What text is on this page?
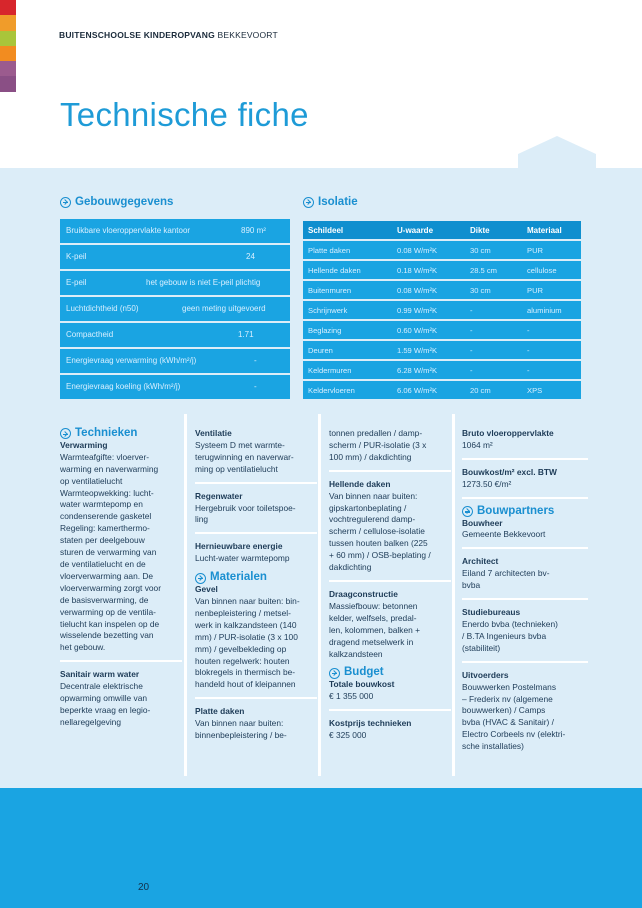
BUITENSCHOOLSE KINDEROPVANG BEKKEVOORT
Technische fiche
Gebouwgegevens
Bruikbare vloeroppervlakte kantoor	890 m²
K-peil	24
E-peil	het gebouw is niet E-peil plichtig
Luchtdichtheid (n50)	geen meting uitgevoerd
Compactheid	1.71
Energievraag verwarming (kWh/m²/j)	-
Energievraag koeling (kWh/m²/j)	-
Isolatie
Schildeel	U-waarde	Dikte	Materiaal
Platte daken	0.08 W/m²K	30 cm	PUR
Hellende daken	0.18 W/m²K	28.5 cm	cellulose
Buitenmuren	0.08 W/m²K	30 cm	PUR
Schrijnwerk	0.99 W/m²K	-	aluminium
Beglazing	0.60 W/m²K	-	-
Deuren	1.59 W/m²K	-	-
Keldermuren	6.28 W/m²K	-	-
Keldervloeren	6.06 W/m²K	20 cm	XPS
Technieken
Verwarming
Warmteafgifte: vloerver-
warming en naverwarming
op ventilatielucht
Warmteopwekking: lucht-
water warmtepomp en
condenserende gasketel
Regeling: kamerthermo-
staten per deelgebouw
sturen de verwarming van
de ventilatielucht en de
vloerverwarming aan. De
vloerverwarming zorgt voor
de basisverwarming, de
verwarming op de ventila-
tielucht kan inspelen op de
wisselende bezetting van
het gebouw.
Sanitair warm water
Decentrale elektrische
opwarming omwille van
beperkte vraag en legio-
nellaregelgeving
Ventilatie
Systeem D met warmte-
terugwinning en naverwar-
ming op ventilatielucht
Regenwater
Hergebruik voor toiletspoe-
ling
Hernieuwbare energie
Lucht-water warmtepomp
Materialen
Gevel
Van binnen naar buiten: bin-
nenbepleistering / metsel-
werk in kalkzandsteen (140
mm) / PUR-isolatie (3 x 100
mm) / gevelbekleding op
houten regelwerk: houten
blokregels in thermisch be-
handeld hout of kleipannen
Platte daken
Van binnen naar buiten:
binnenbepleistering / be-
tonnen predallen / damp-
scherm / PUR-isolatie (3 x
100 mm) / dakdichting
Hellende daken
Van binnen naar buiten:
gipskartonbeplating /
vochtregulerend damp-
scherm / cellulose-isolatie
tussen houten balken (225
+ 60 mm) / OSB-beplating /
dakdichting
Draagconstructie
Massiefbouw: betonnen
kelder, welfsels, predal-
len, kolommen, balken +
dragend metselwerk in
kalkzandsteen
Budget
Totale bouwkost
€ 1 355 000
Kostprijs technieken
€ 325 000
Bruto vloeroppervlakte
1064 m²
Bouwkost/m² excl. BTW
1273.50 €/m²
Bouwpartners
Bouwheer
Gemeente Bekkevoort
Architect
Eiland 7 architecten bv-
bvba
Studiebureaus
Enerdo bvba (technieken)
/ B.TA Ingenieurs bvba
(stabiliteit)
Uitvoerders
Bouwwerken Postelmans
– Frederix nv (algemene
bouwwerken) / Camps
bvba (HVAC & Sanitair) /
Electro Corbeels nv (elektri-
sche installaties)
20
